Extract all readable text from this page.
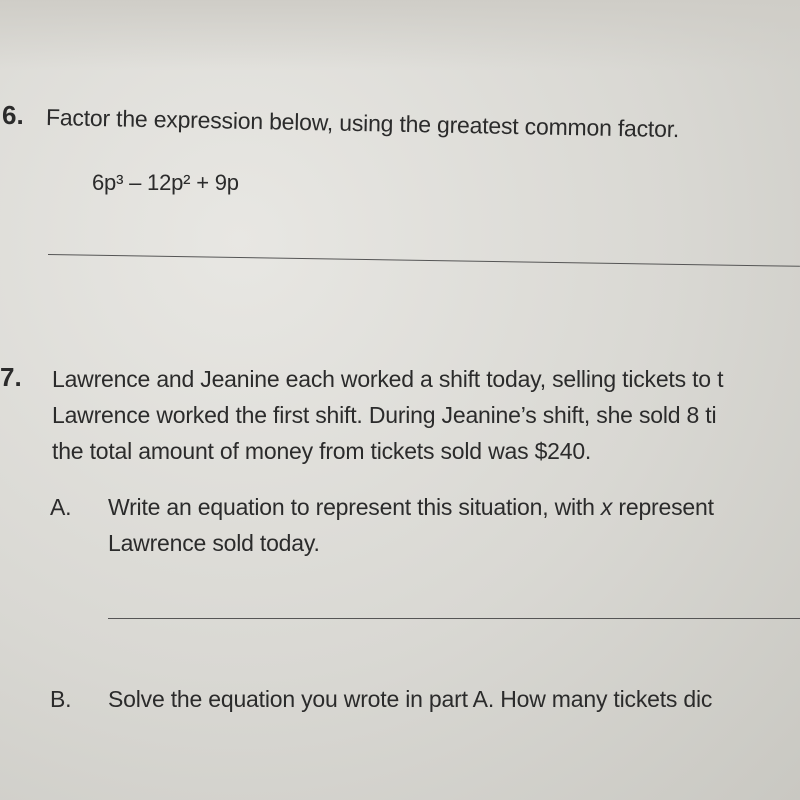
6. Factor the expression below, using the greatest common factor.
6p³ – 12p² + 9p
7. Lawrence and Jeanine each worked a shift today, selling tickets to t
Lawrence worked the first shift. During Jeanine’s shift, she sold 8 ti
the total amount of money from tickets sold was $240.
A. Write an equation to represent this situation, with x represent
Lawrence sold today.
B. Solve the equation you wrote in part A. How many tickets dic
